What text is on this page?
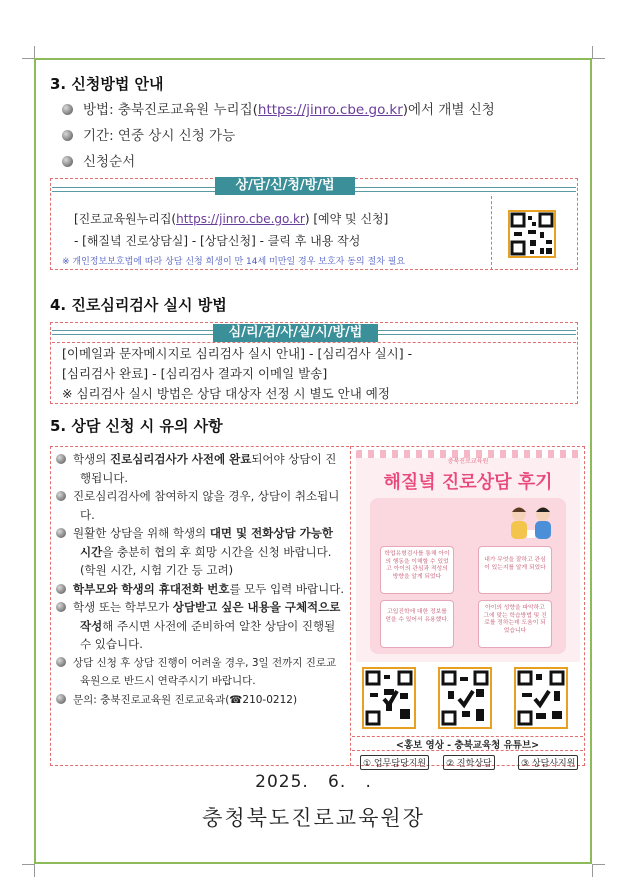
3. 신청방법 안내
방법: 충북진로교육원 누리집(https://jinro.cbe.go.kr)에서 개별 신청
기간: 연중 상시 신청 가능
신청순서
상/담/신/청/방/법
[진로교육원누리집(https://jinro.cbe.go.kr) [예약 및 신청]
- [해질녘 진로상담실] - [상담신청] - 클릭 후 내용 작성
※ 개인정보보호법에 따라 상담 신청 희생이 만 14세 미만일 경우 보호자 동의 절차 필요
4. 진로심리검사 실시 방법
심/리/검/사/실/시/방/법
[이메일과 문자메시지로 심리검사 실시 안내] - [심리검사 실시] -
[심리검사 완료] - [심리검사 결과지 이메일 발송]
※ 심리검사 실시 방법은 상담 대상자 선정 시 별도 안내 예정
5. 상담 신청 시 유의 사항
학생의 진로심리검사가 사전에 완료되어야 상담이 진행됩니다.
진로심리검사에 참여하지 않을 경우, 상담이 취소됩니다.
원활한 상담을 위해 학생의 대면 및 전화상담 가능한 시간을 충분히 협의 후 희망 시간을 신청 바랍니다. (학원 시간, 시험 기간 등 고려)
학부모와 학생의 휴대전화 번호를 모두 입력 바랍니다.
학생 또는 학부모가 상담받고 싶은 내용을 구체적으로 작성해 주시면 사전에 준비하여 알찬 상담이 진행될 수 있습니다.
상담 신청 후 상담 진행이 어려울 경우, 3일 전까지 진로교육원으로 반드시 연락주시기 바랍니다.
문의: 충북진로교육원 진로교육과(☎210-0212)
충북진로교육원
해질녘 진로상담 후기
학업유형검사를 통해 아이의 행동을 이해할 수 있었고 아이의 관심과 적성의 방향을 알게 되었다
내가 무엇을 잘하고 관심이 있는지를 알게 되었다
고입진학에 대한 정보를 얻을 수 있어서 유용했다.
아이의 성향을 파악하고 그에 맞는 학습방법 및 진로를 정하는데 도움이 되었습니다
<홍보 영상 - 충북교육청 유튜브>
① 업무담당지원	② 진학상담	③ 상담사지원
2025.   6.   .
충청북도진로교육원장
